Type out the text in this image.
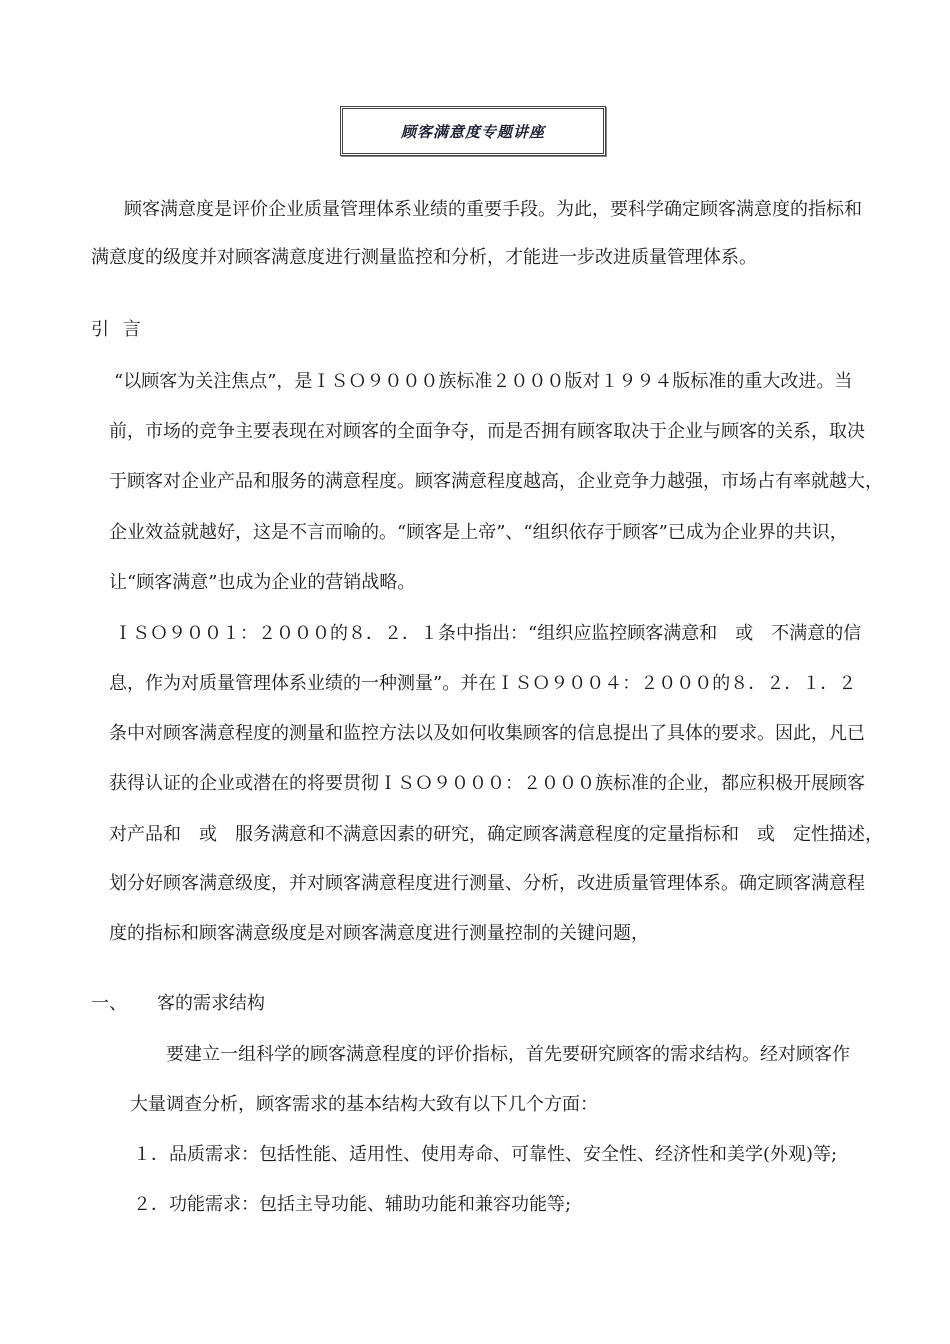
顾客满意度专题讲座
顾客满意度是评价企业质量管理体系业绩的重要手段。为此，要科学确定顾客满意度的指标和
满意度的级度并对顾客满意度进行测量监控和分析，才能进一步改进质量管理体系。
引 言
“以顾客为关注焦点”，是ＩＳＯ９０００族标准２０００版对１９９４版标准的重大改进。当
前，市场的竞争主要表现在对顾客的全面争夺，而是否拥有顾客取决于企业与顾客的关系，取决
于顾客对企业产品和服务的满意程度。顾客满意程度越高，企业竞争力越强，市场占有率就越大，
企业效益就越好，这是不言而喻的。“顾客是上帝”、“组织依存于顾客”已成为企业界的共识，
让“顾客满意”也成为企业的营销战略。
ＩＳＯ９００１：２０００的８．２．１条中指出：“组织应监控顾客满意和　或　不满意的信
息，作为对质量管理体系业绩的一种测量”。并在ＩＳＯ９００４：２０００的８．２．１．２
条中对顾客满意程度的测量和监控方法以及如何收集顾客的信息提出了具体的要求。因此，凡已
获得认证的企业或潜在的将要贯彻ＩＳＯ９０００：２０００族标准的企业，都应积极开展顾客
对产品和　或　服务满意和不满意因素的研究，确定顾客满意程度的定量指标和　或　定性描述，
划分好顾客满意级度，并对顾客满意程度进行测量、分析，改进质量管理体系。确定顾客满意程
度的指标和顾客满意级度是对顾客满意度进行测量控制的关键问题，
一、 客的需求结构
要建立一组科学的顾客满意程度的评价指标，首先要研究顾客的需求结构。经对顾客作
大量调查分析，顾客需求的基本结构大致有以下几个方面：
１．品质需求：包括性能、适用性、使用寿命、可靠性、安全性、经济性和美学(外观)等;
２．功能需求：包括主导功能、辅助功能和兼容功能等;
